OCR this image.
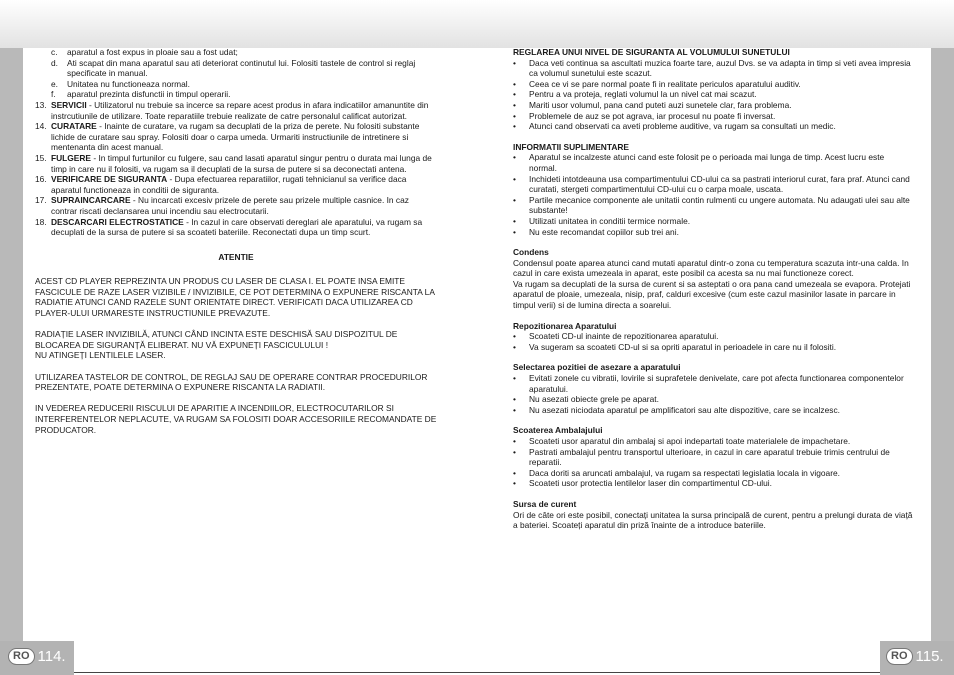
RO 114.	RO 115.
c.	aparatul a fost expus in ploaie sau a fost udat;
d.	Ati scapat din mana aparatul sau ati deteriorat continutul lui. Folositi tastele de control si reglaj specificate in manual.
e.	Unitatea nu functioneaza normal.
f.	aparatul prezinta disfunctii in timpul operarii.
13. SERVICII - Utilizatorul nu trebuie sa incerce sa repare acest produs in afara indicatiilor amanuntite din instrcutiunile de utilizare. Toate reparatiile trebuie realizate de catre personalul calificat autorizat.
14. CURATARE - Inainte de curatare, va rugam sa decuplati de la priza de perete. Nu folositi substante lichide de curatare sau spray. Folositi doar o carpa umeda. Urmariti instructiunile de intretinere si mentenanta din acest manual.
15. FULGERE - In timpul furtunilor cu fulgere, sau cand lasati aparatul singur pentru o durata mai lunga de timp in care nu il folositi, va rugam sa il decuplati de la sursa de putere si sa deconectati antena.
16. VERIFICARE DE SIGURANTA - Dupa efectuarea reparatiilor, rugati tehnicianul sa verifice daca aparatul functioneaza in conditii de siguranta.
17. SUPRAINCARCARE - Nu incarcati excesiv prizele de perete sau prizele multiple casnice. In caz contrar riscati declansarea unui incendiu sau electrocutarii.
18. DESCARCARI ELECTROSTATICE - In cazul in care observati dereglari ale aparatului, va rugam sa decuplati de la sursa de putere si sa scoateti bateriile. Reconectati dupa un timp scurt.
ATENTIE

ACEST CD PLAYER REPREZINTA UN PRODUS CU LASER DE CLASA I. EL POATE INSA EMITE FASCICULE DE RAZE LASER VIZIBILE / INVIZIBILE, CE POT DETERMINA O EXPUNERE RISCANTA LA RADIATIE ATUNCI CAND RAZELE SUNT ORIENTATE DIRECT. VERIFICATI DACA UTILIZAREA CD PLAYER-ULUI URMARESTE INSTRUCTIUNILE PREVAZUTE.

RADIAȚIE LASER INVIZIBILĂ, ATUNCI CÂND INCINTA ESTE DESCHISĂ SAU DISPOZITUL DE BLOCAREA DE SIGURANȚĂ ELIBERAT. NU VĂ EXPUNEȚI FASCICULULUI !

NU ATINGEȚI LENTILELE LASER.

UTILIZAREA TASTELOR DE CONTROL, DE REGLAJ SAU DE OPERARE CONTRAR PROCEDURILOR PREZENTATE, POATE DETERMINA O EXPUNERE RISCANTA LA RADIATII.

IN VEDEREA REDUCERII RISCULUI DE APARITIE A INCENDIILOR, ELECTROCUTARILOR SI INTERFERENTELOR NEPLACUTE, VA RUGAM SA FOLOSITI DOAR ACCESORIILE RECOMANDATE DE PRODUCATOR.

REGLAREA UNUI NIVEL DE SIGURANTA AL VOLUMULUI SUNETULUI
•	Daca veti continua sa ascultati muzica foarte tare, auzul Dvs. se va adapta in timp si veti avea impresia ca volumul sunetului este scazut.
•	Ceea ce vi se pare normal poate fi in realitate periculos aparatului auditiv.
•	Pentru a va proteja, reglati volumul la un nivel cat mai scazut.
•	Mariti usor volumul, pana cand puteti auzi sunetele clar, fara problema.
•	Problemele de auz se pot agrava, iar procesul nu poate fi inversat.
•	Atunci cand observati ca aveti probleme auditive, va rugam sa consultati un medic.
INFORMATII SUPLIMENTARE
•	Aparatul se incalzeste atunci cand este folosit pe o perioada mai lunga de timp. Acest lucru este normal.
•	Inchideti intotdeauna usa compartimentului CD-ului ca sa pastrati interiorul curat, fara praf. Atunci cand curatati, stergeti compartimentului CD-ului cu o carpa moale, uscata.
•	Partile mecanice componente ale unitatii contin rulmenti cu ungere automata. Nu adaugati ulei sau alte substante!
•	Utilizati unitatea in conditii termice normale.
•	Nu este recomandat copiilor sub trei ani.
Condens

Condensul poate aparea atunci cand mutati aparatul dintr-o zona cu temperatura scazuta intr-una calda. In cazul in care exista umezeala in aparat, este posibil ca acesta sa nu mai functioneze corect.

Va rugam sa decuplati de la sursa de curent si sa asteptati o ora pana cand umezeala se evapora. Protejati aparatul de ploaie, umezeala, nisip, praf, calduri excesive (cum este cazul masinilor lasate in parcare in timpul verii) si de lumina directa a soarelui.

Repozitionarea Aparatului
•	Scoateti CD-ul inainte de repozitionarea aparatului.
•	Va sugeram sa scoateti CD-ul si sa opriti aparatul in perioadele in care nu il folositi.
Selectarea pozitiei de asezare a aparatului
•	Evitati zonele cu vibratii, lovirile si suprafetele denivelate, care pot afecta functionarea componentelor aparatului.
•	Nu asezati obiecte grele pe aparat.
•	Nu asezati niciodata aparatul pe amplificatori sau alte dispozitive, care se incalzesc.
Scoaterea Ambalajului
•	Scoateti usor aparatul din ambalaj si apoi indepartati toate materialele de impachetare.
•	Pastrati ambalajul pentru transportul ulterioare, in cazul in care aparatul trebuie trimis centrului de reparatii.
•	Daca doriti sa aruncati ambalajul, va rugam sa respectati legislatia locala in vigoare.
•	Scoateti usor protectia lentilelor laser din compartimentul CD-ului.
Sursa de curent

Ori de câte ori este posibil, conectați unitatea la sursa principală de curent, pentru a prelungi durata de viață a bateriei. Scoateți aparatul din priză înainte de a introduce bateriile.
